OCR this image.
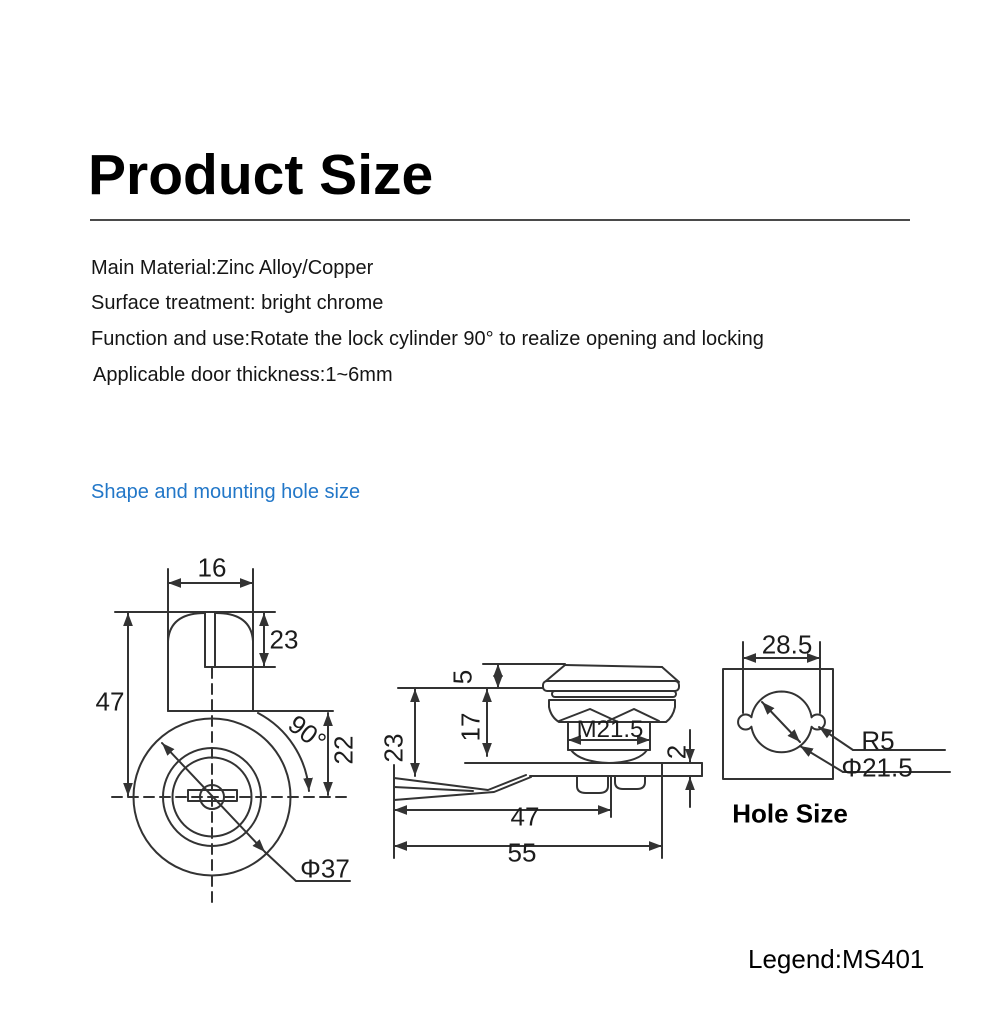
Product Size
Main Material:Zinc Alloy/Copper
Surface treatment: bright chrome
Function and use:Rotate the lock cylinder 90° to realize opening and locking
Applicable door thickness:1~6mm
Shape and mounting hole size
16
23
47
90°
22
Φ37
5
17
23
M21.5
2
47
55
28.5
R5
Φ21.5
Hole Size
Legend:MS401
